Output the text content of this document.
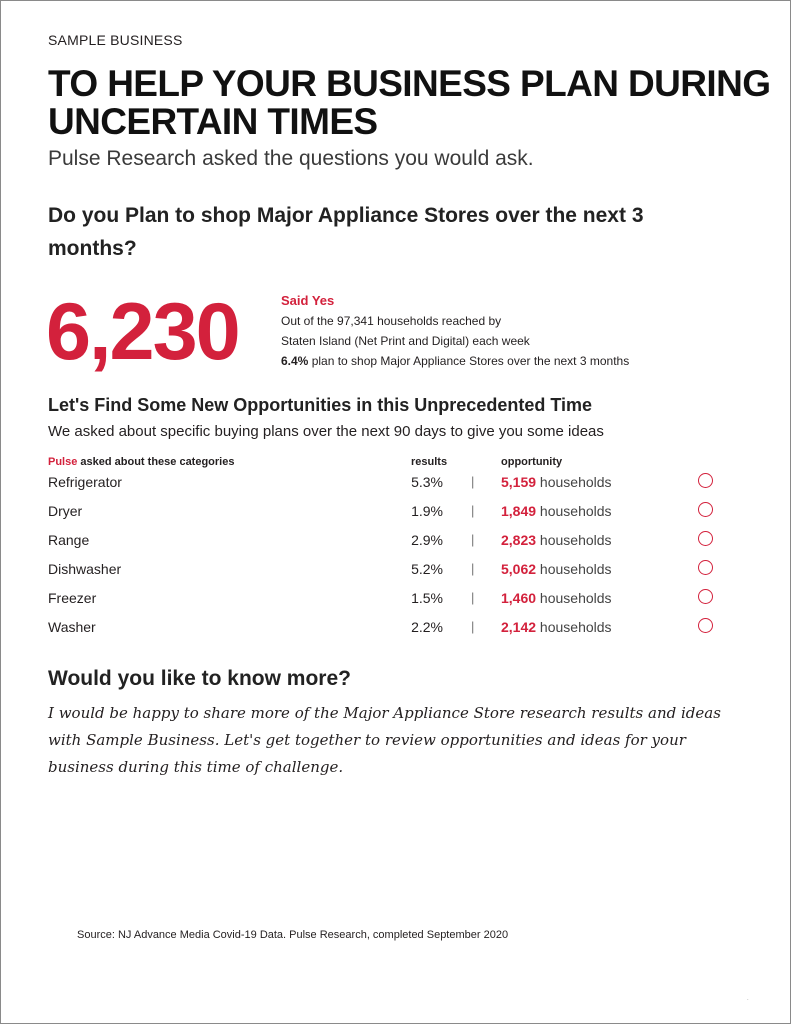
SAMPLE BUSINESS
TO HELP YOUR BUSINESS PLAN DURING UNCERTAIN TIMES
Pulse Research asked the questions you would ask.
Do you Plan to shop Major Appliance Stores over the next 3 months?
6,230	Said Yes
Out of the 97,341 households reached by
Staten Island (Net Print and Digital) each week
6.4% plan to shop Major Appliance Stores over the next 3 months
Let's Find Some New Opportunities in this Unprecedented Time
We asked about specific buying plans over the next 90 days to give you some ideas
Pulse asked about these categories	results	opportunity
Refrigerator	5.3% | 5,159 households
Dryer	1.9% | 1,849 households
Range	2.9% | 2,823 households
Dishwasher	5.2% | 5,062 households
Freezer	1.5% | 1,460 households
Washer	2.2% | 2,142 households
Would you like to know more?

I would be happy to share more of the Major Appliance Store research results and ideas with Sample Business. Let's get together to review opportunities and ideas for your business during this time of challenge.

Source: NJ Advance Media Covid-19 Data. Pulse Research, completed September 2020
.
